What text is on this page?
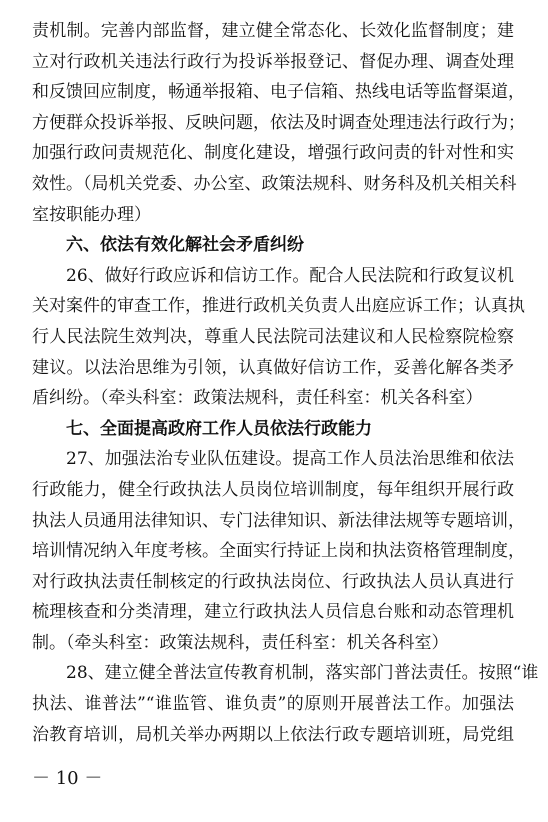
责机制。完善内部监督，建立健全常态化、长效化监督制度；建
立对行政机关违法行政行为投诉举报登记、督促办理、调查处理
和反馈回应制度，畅通举报箱、电子信箱、热线电话等监督渠道，
方便群众投诉举报、反映问题，依法及时调查处理违法行政行为；
加强行政问责规范化、制度化建设，增强行政问责的针对性和实
效性。（局机关党委、办公室、政策法规科、财务科及机关相关科
室按职能办理）
六、依法有效化解社会矛盾纠纷
26、做好行政应诉和信访工作。配合人民法院和行政复议机
关对案件的审查工作，推进行政机关负责人出庭应诉工作；认真执
行人民法院生效判决，尊重人民法院司法建议和人民检察院检察
建议。以法治思维为引领，认真做好信访工作，妥善化解各类矛
盾纠纷。（牵头科室：政策法规科，责任科室：机关各科室）
七、全面提高政府工作人员依法行政能力
27、加强法治专业队伍建设。提高工作人员法治思维和依法
行政能力，健全行政执法人员岗位培训制度，每年组织开展行政
执法人员通用法律知识、专门法律知识、新法律法规等专题培训，
培训情况纳入年度考核。全面实行持证上岗和执法资格管理制度，
对行政执法责任制核定的行政执法岗位、行政执法人员认真进行
梳理核查和分类清理，建立行政执法人员信息台账和动态管理机
制。（牵头科室：政策法规科，责任科室：机关各科室）
28、建立健全普法宣传教育机制，落实部门普法责任。按照“谁
执法、谁普法”“谁监管、谁负责”的原则开展普法工作。加强法
治教育培训，局机关举办两期以上依法行政专题培训班，局党组
－ 10 －
